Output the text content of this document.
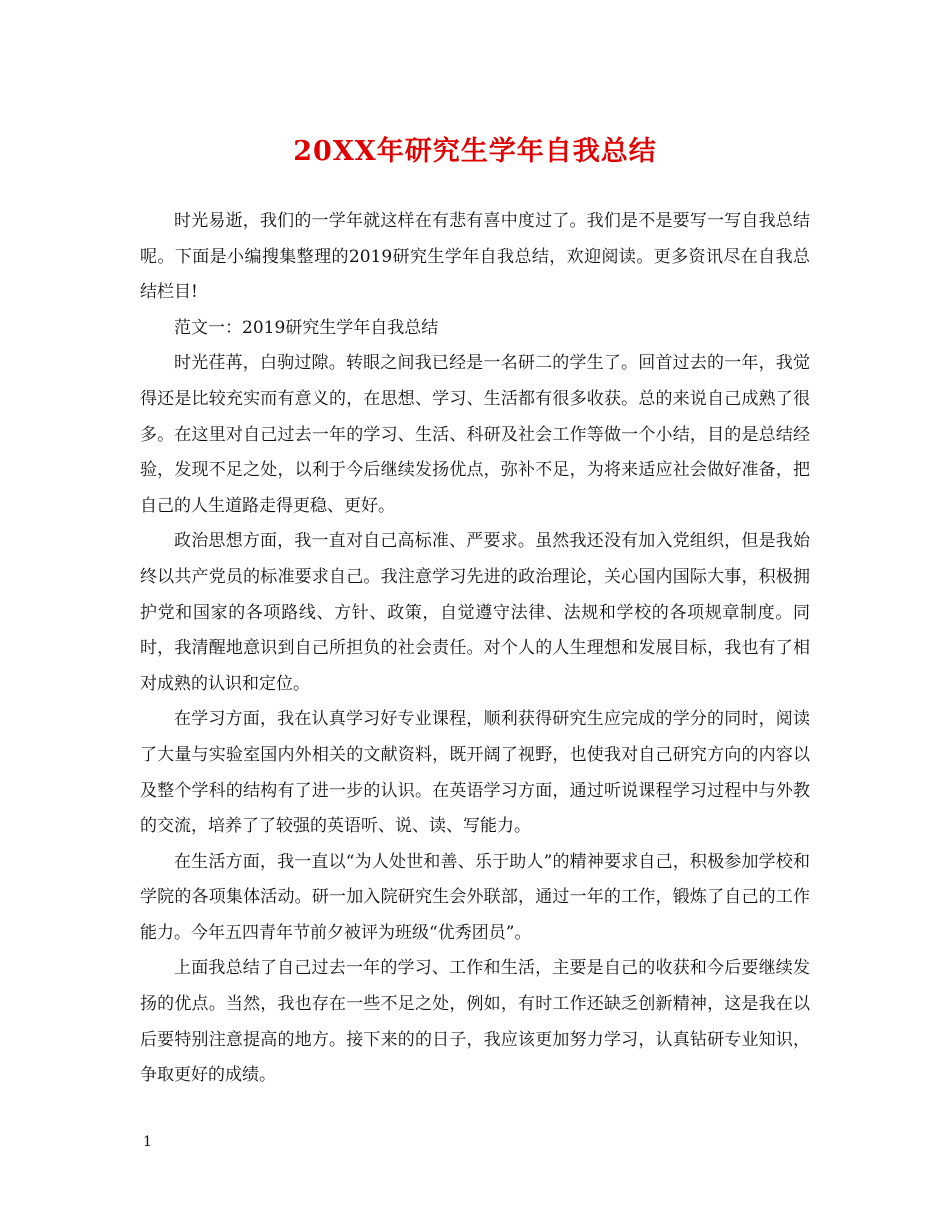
20XX年研究生学年自我总结

时光易逝，我们的一学年就这样在有悲有喜中度过了。我们是不是要写一写自我总结呢。下面是小编搜集整理的2019研究生学年自我总结，欢迎阅读。更多资讯尽在自我总结栏目!

范文一：2019研究生学年自我总结

时光荏苒，白驹过隙。转眼之间我已经是一名研二的学生了。回首过去的一年，我觉得还是比较充实而有意义的，在思想、学习、生活都有很多收获。总的来说自己成熟了很多。在这里对自己过去一年的学习、生活、科研及社会工作等做一个小结，目的是总结经验，发现不足之处，以利于今后继续发扬优点，弥补不足，为将来适应社会做好准备，把自己的人生道路走得更稳、更好。

政治思想方面，我一直对自己高标准、严要求。虽然我还没有加入党组织，但是我始终以共产党员的标准要求自己。我注意学习先进的政治理论，关心国内国际大事，积极拥护党和国家的各项路线、方针、政策，自觉遵守法律、法规和学校的各项规章制度。同时，我清醒地意识到自己所担负的社会责任。对个人的人生理想和发展目标，我也有了相对成熟的认识和定位。

在学习方面，我在认真学习好专业课程，顺利获得研究生应完成的学分的同时，阅读了大量与实验室国内外相关的文献资料，既开阔了视野，也使我对自己研究方向的内容以及整个学科的结构有了进一步的认识。在英语学习方面，通过听说课程学习过程中与外教的交流，培养了了较强的英语听、说、读、写能力。

在生活方面，我一直以“为人处世和善、乐于助人”的精神要求自己，积极参加学校和学院的各项集体活动。研一加入院研究生会外联部，通过一年的工作，锻炼了自己的工作能力。今年五四青年节前夕被评为班级“优秀团员”。

上面我总结了自己过去一年的学习、工作和生活，主要是自己的收获和今后要继续发扬的优点。当然，我也存在一些不足之处，例如，有时工作还缺乏创新精神，这是我在以后要特别注意提高的地方。接下来的的日子，我应该更加努力学习，认真钻研专业知识，争取更好的成绩。

1
